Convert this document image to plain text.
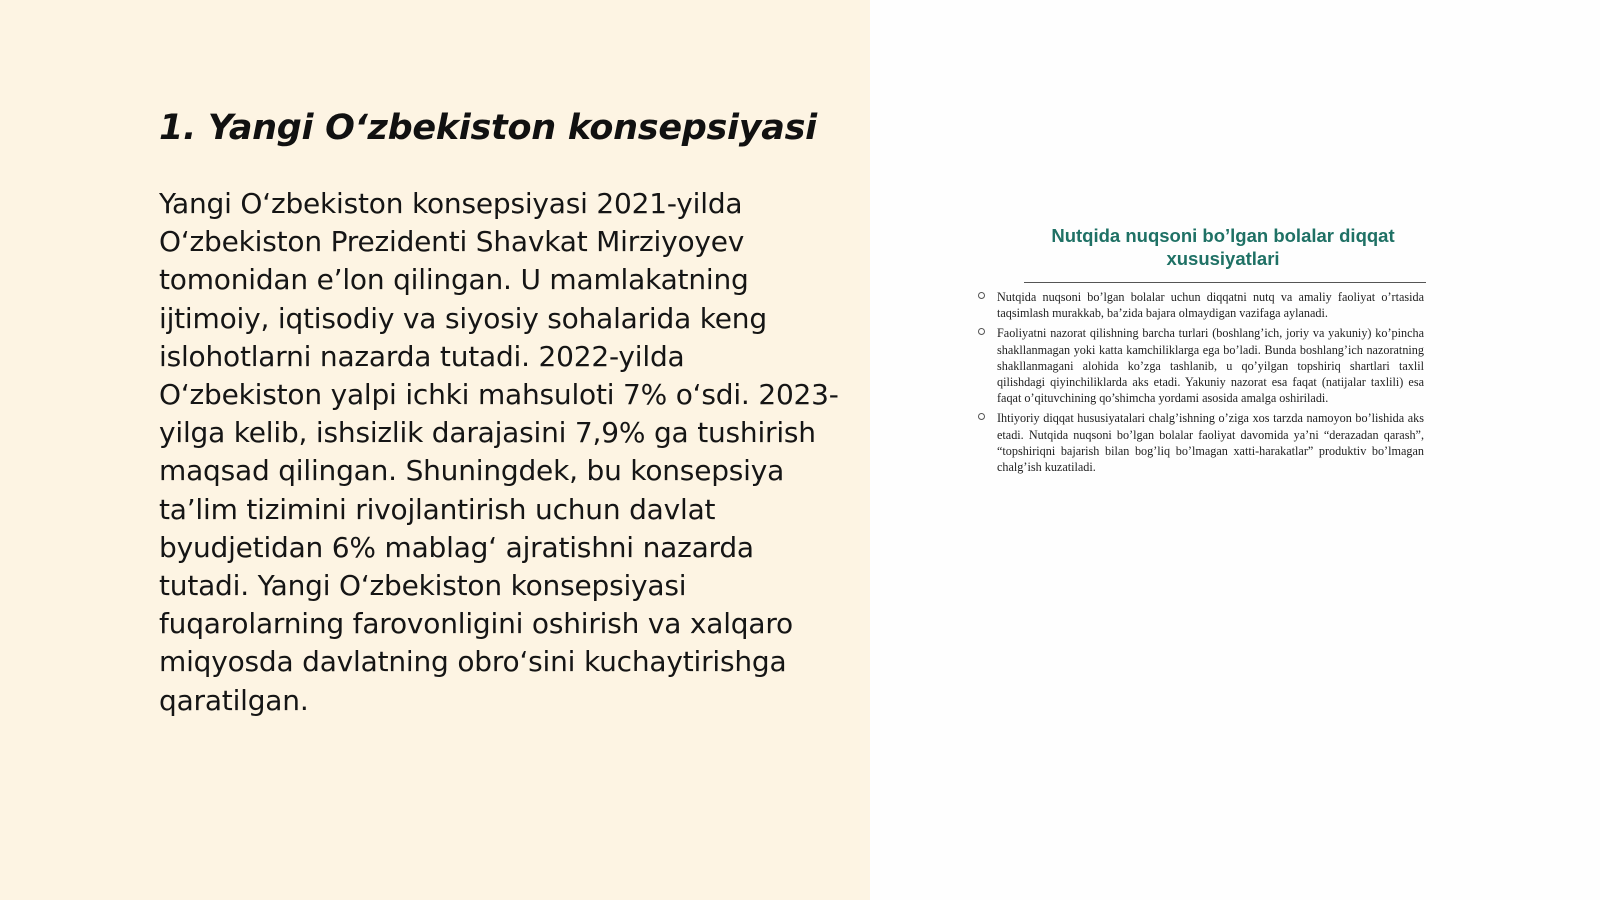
1. Yangi O‘zbekiston konsepsiyasi

Yangi O‘zbekiston konsepsiyasi 2021-yilda O‘zbekiston Prezidenti Shavkat Mirziyoyev tomonidan e’lon qilingan. U mamlakatning ijtimoiy, iqtisodiy va siyosiy sohalarida keng islohotlarni nazarda tutadi. 2022-yilda O‘zbekiston yalpi ichki mahsuloti 7% o‘sdi. 2023-yilga kelib, ishsizlik darajasini 7,9% ga tushirish maqsad qilingan. Shuningdek, bu konsepsiya ta’lim tizimini rivojlantirish uchun davlat byudjetidan 6% mablag‘ ajratishni nazarda tutadi. Yangi O‘zbekiston konsepsiyasi fuqarolarning farovonligini oshirish va xalqaro miqyosda davlatning obro‘sini kuchaytirishga qaratilgan.

Nutqida nuqsoni bo’lgan bolalar diqqat xususiyatlari
Nutqida nuqsoni bo’lgan bolalar uchun diqqatni nutq va amaliy faoliyat o’rtasida taqsimlash murakkab, ba’zida bajara olmaydigan vazifaga aylanadi.
Faoliyatni nazorat qilishning barcha turlari (boshlang’ich, joriy va yakuniy) ko’pincha shakllanmagan yoki katta kamchiliklarga ega bo’ladi. Bunda boshlang’ich nazoratning shakllanmagani alohida ko’zga tashlanib, u qo’yilgan topshiriq shartlari taxlil qilishdagi qiyinchiliklarda aks etadi. Yakuniy nazorat esa faqat (natijalar taxlili) esa faqat o’qituvchining qo’shimcha yordami asosida amalga oshiriladi.
Ihtiyoriy diqqat hususiyatalari chalg’ishning o’ziga xos tarzda namoyon bo’lishida aks etadi. Nutqida nuqsoni bo’lgan bolalar faoliyat davomida ya’ni “derazadan qarash”, “topshiriqni bajarish bilan bog’liq bo’lmagan xatti-harakatlar” produktiv bo’lmagan chalg’ish kuzatiladi.
